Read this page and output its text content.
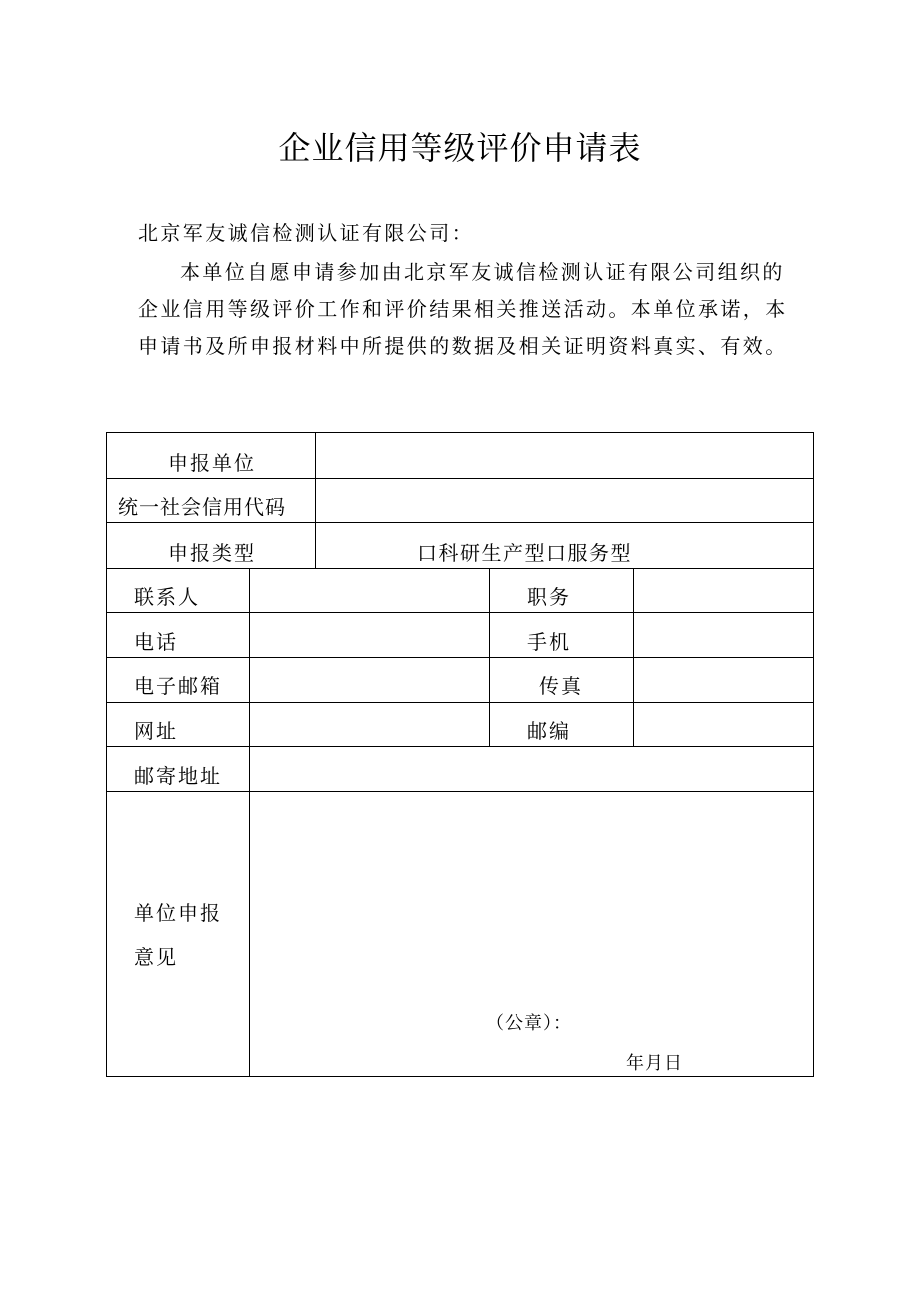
企业信用等级评价申请表
北京军友诚信检测认证有限公司：
本单位自愿申请参加由北京军友诚信检测认证有限公司组织的
企业信用等级评价工作和评价结果相关推送活动。本单位承诺，本
申请书及所申报材料中所提供的数据及相关证明资料真实、有效。
申报单位
统一社会信用代码
申报类型	口科研生产型口服务型
联系人	职务
电话	手机
电子邮箱	传真
网址	邮编
邮寄地址
单位申报意见
（公章）：
年月日
